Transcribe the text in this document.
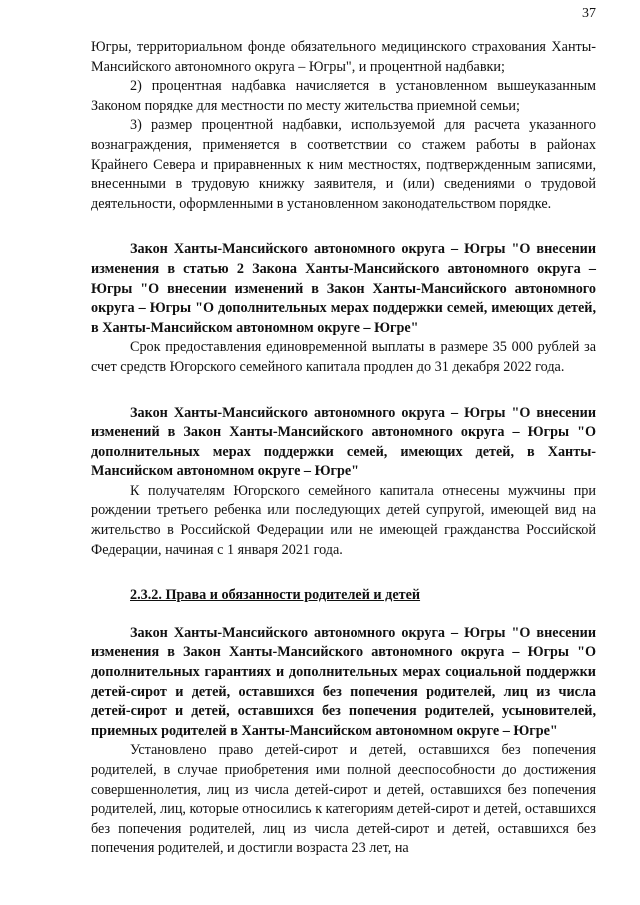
37

Югры, территориальном фонде обязательного медицинского страхования Ханты-Мансийского автономного округа – Югры", и процентной надбавки;

2) процентная надбавка начисляется в установленном вышеуказанным Законом порядке для местности по месту жительства приемной семьи;

3) размер процентной надбавки, используемой для расчета указанного вознаграждения, применяется в соответствии со стажем работы в районах Крайнего Севера и приравненных к ним местностях, подтвержденным записями, внесенными в трудовую книжку заявителя, и (или) сведениями о трудовой деятельности, оформленными в установленном законодательством порядке.

Закон Ханты-Мансийского автономного округа – Югры "О внесении изменения в статью 2 Закона Ханты-Мансийского автономного округа – Югры "О внесении изменений в Закон Ханты-Мансийского автономного округа – Югры "О дополнительных мерах поддержки семей, имеющих детей, в Ханты-Мансийском автономном округе – Югре"

Срок предоставления единовременной выплаты в размере 35 000 рублей за счет средств Югорского семейного капитала продлен до 31 декабря 2022 года.

Закон Ханты-Мансийского автономного округа – Югры "О внесении изменений в Закон Ханты-Мансийского автономного округа – Югры "О дополнительных мерах поддержки семей, имеющих детей, в Ханты-Мансийском автономном округе – Югре"

К получателям Югорского семейного капитала отнесены мужчины при рождении третьего ребенка или последующих детей супругой, имеющей вид на жительство в Российской Федерации или не имеющей гражданства Российской Федерации, начиная с 1 января 2021 года.

2.3.2. Права и обязанности родителей и детей

Закон Ханты-Мансийского автономного округа – Югры "О внесении изменения в Закон Ханты-Мансийского автономного округа – Югры "О дополнительных гарантиях и дополнительных мерах социальной поддержки детей-сирот и детей, оставшихся без попечения родителей, лиц из числа детей-сирот и детей, оставшихся без попечения родителей, усыновителей, приемных родителей в Ханты-Мансийском автономном округе – Югре"

Установлено право детей-сирот и детей, оставшихся без попечения родителей, в случае приобретения ими полной дееспособности до достижения совершеннолетия, лиц из числа детей-сирот и детей, оставшихся без попечения родителей, лиц, которые относились к категориям детей-сирот и детей, оставшихся без попечения родителей, лиц из числа детей-сирот и детей, оставшихся без попечения родителей, и достигли возраста 23 лет, на
